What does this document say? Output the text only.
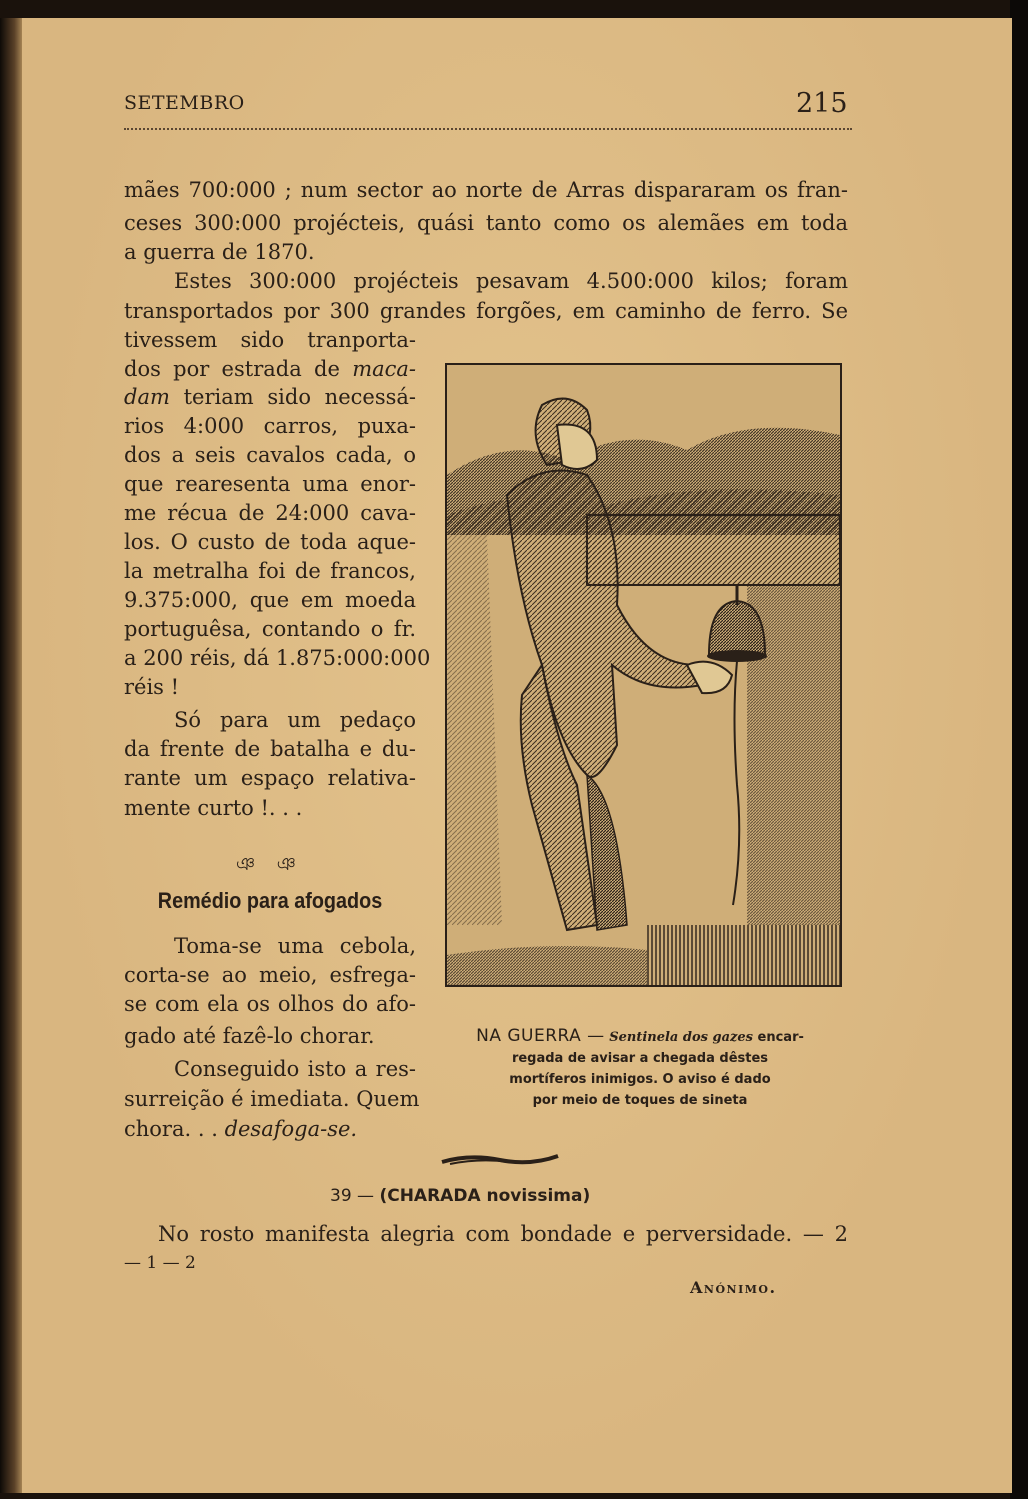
SETEMBRO	215
mães 700:000 ; num sector ao norte de Arras dispararam os fran-
ceses 300:000 projécteis, quási tanto como os alemães em toda
a guerra de 1870.
Estes 300:000 projécteis pesavam 4.500:000 kilos; foram
transportados por 300 grandes forgões, em caminho de ferro. Se
tivessem sido tranporta-
dos por estrada de maca-
dam teriam sido necessá-
rios 4:000 carros, puxa-
dos a seis cavalos cada, o
que rearesenta uma enor-
me récua de 24:000 cava-
los. O custo de toda aque-
la metralha foi de francos,
9.375:000, que em moeda
portuguêsa, contando o fr.
a 200 réis, dá 1.875:000:000
réis !
Só para um pedaço
da frente de batalha e du-
rante um espaço relativa-
mente curto !. . .
ঞ ঞ
Remédio para afogados
Toma-se uma cebola,
corta-se ao meio, esfrega-
se com ela os olhos do afo-
gado até fazê-lo chorar.
Conseguido isto a res-
surreição é imediata. Quem
chora. . . desafoga-se.
NA GUERRA — Sentinela dos gazes encar-
regada de avisar a chegada dêstes
mortíferos inimigos. O aviso é dado
por meio de toques de sineta
39 — (CHARADA novissima)
No rosto manifesta alegria com bondade e perversidade. — 2
— 1 — 2
Anónimo.
